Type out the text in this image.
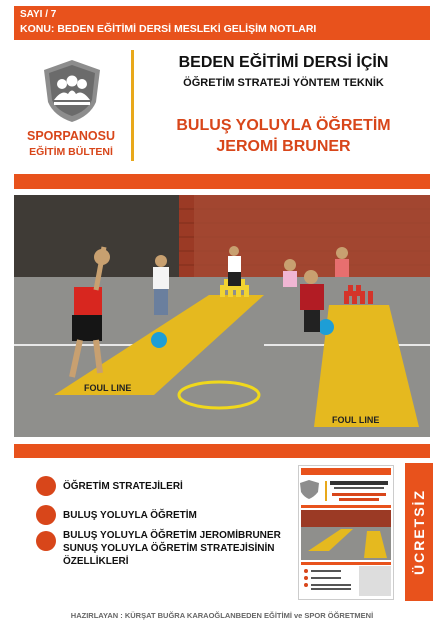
SAYI / 7
KONU: BEDEN EĞİTİMİ DERSİ MESLEKİ GELİŞİM NOTLARI
SPORPANOSU
EĞİTİM BÜLTENİ
BEDEN EĞİTİMİ DERSİ İÇİN
ÖĞRETİM STRATEJİ YÖNTEM TEKNİK
BULUŞ YOLUYLA ÖĞRETİM
JEROMİ BRUNER
FOUL LINE
FOUL LINE
ÖĞRETİM STRATEJİLERİ
BULUŞ YOLUYLA ÖĞRETİM
BULUŞ YOLUYLA ÖĞRETİM JEROMİBRUNER
SUNUŞ YOLUYLA ÖĞRETİM STRATEJİSİNİN
ÖZELLİKLERİ	ÜCRETSİZ
HAZIRLAYAN : KÜRŞAT BUĞRA KARAOĞLANBEDEN EĞİTİMİ ve SPOR ÖĞRETMENİ
